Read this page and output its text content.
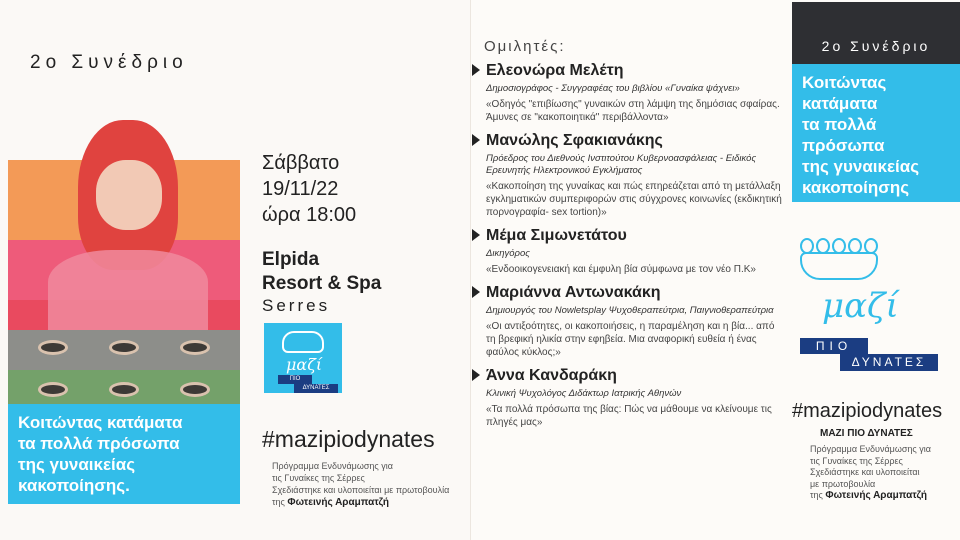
2ο Συνέδριο
Κοιτώντας κατάματα
τα πολλά πρόσωπα
της γυναικείας
κακοποίησης.
Σάββατο
19/11/22
ώρα 18:00
Elpida
Resort & Spa
Serres
μαζί
ΠΙΟ
ΔΥΝΑΤΕΣ
#mazipiodynates
Πρόγραμμα Ενδυνάμωσης για
τις Γυναίκες της Σέρρες
Σχεδιάστηκε και υλοποιείται με πρωτοβουλία
της Φωτεινής Αραμπατζή
Ομιλητές:
Ελεονώρα Μελέτη
Δημοσιογράφος - Συγγραφέας του βιβλίου «Γυναίκα ψάχνει»
«Οδηγός "επιβίωσης" γυναικών στη λάμψη της δημόσιας σφαίρας. Άμυνες σε "κακοποιητικά" περιβάλλοντα»
Μανώλης Σφακιανάκης
Πρόεδρος του Διεθνούς Ινστιτούτου Κυβερνοασφάλειας - Ειδικός Ερευνητής Ηλεκτρονικού Εγκλήματος
«Κακοποίηση της γυναίκας και πώς επηρεάζεται από τη μετάλλαξη εγκληματικών συμπεριφορών στις σύγχρονες κοινωνίες (εκδικητική πορνογραφία- sex tortion)»
Μέμα Σιμωνετάτου
Δικηγόρος
«Ενδοοικογενειακή και έμφυλη βία σύμφωνα με τον νέο Π.Κ»
Μαριάννα Αντωνακάκη
Δημιουργός του Nowletsplay Ψυχοθεραπεύτρια, Παιγνιοθεραπεύτρια
«Οι αντιξοότητες, οι κακοποιήσεις, η παραμέληση και η βία... από τη βρεφική ηλικία στην εφηβεία. Μια αναφορική ευθεία ή ένας φαύλος κύκλος;»
Άννα Κανδαράκη
Κλινική Ψυχολόγος Διδάκτωρ Ιατρικής Αθηνών
«Τα πολλά πρόσωπα της βίας: Πώς να μάθουμε να κλείνουμε τις πληγές μας»
2ο Συνέδριο
Κοιτώντας
κατάματα
τα πολλά
πρόσωπα
της γυναικείας
κακοποίησης
μαζί
ΠΙΟ
ΔΥΝΑΤΕΣ
#mazipiodynates
ΜΑΖΙ ΠΙΟ ΔΥΝΑΤΕΣ
Πρόγραμμα Ενδυνάμωσης για
τις Γυναίκες της Σέρρες
Σχεδιάστηκε και υλοποιείται
με πρωτοβουλία
της Φωτεινής Αραμπατζή
